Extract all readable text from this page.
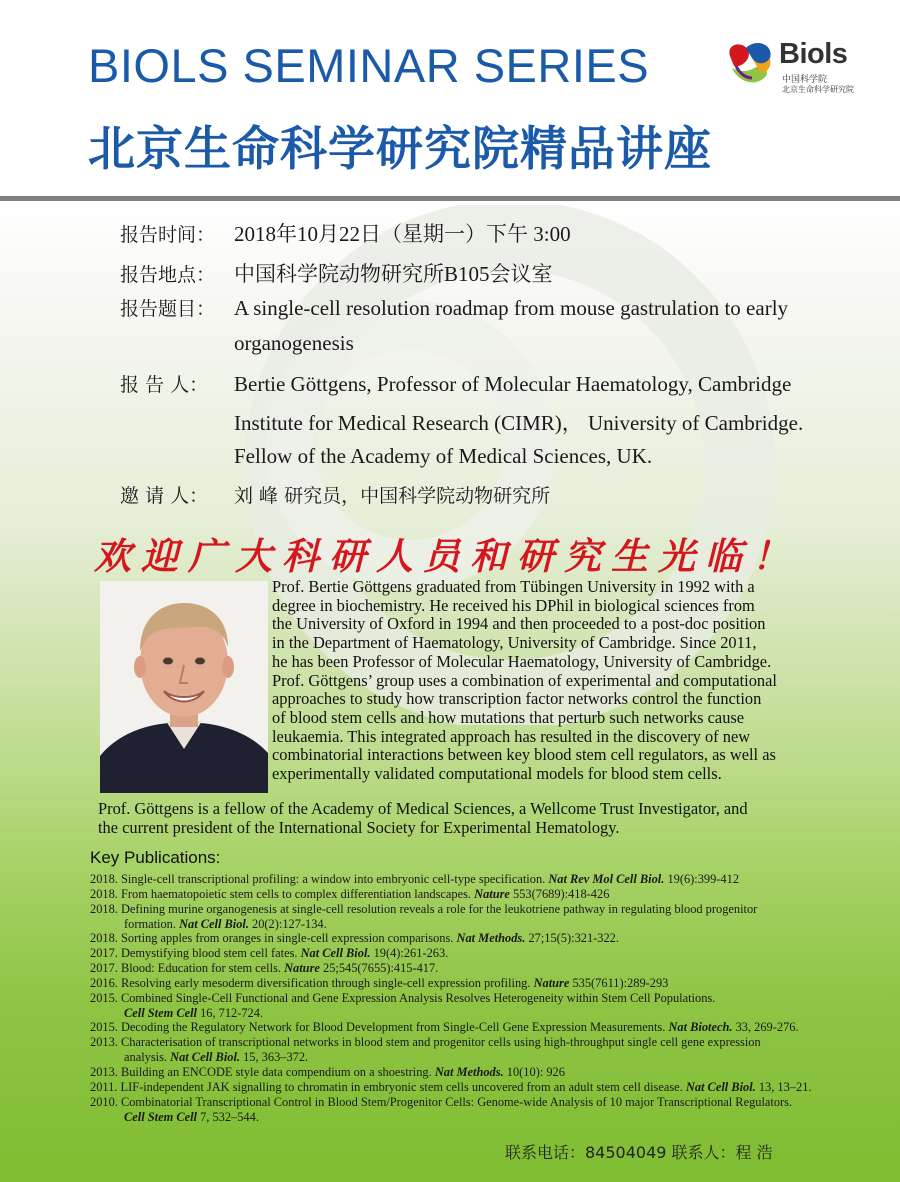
BIOLS SEMINAR SERIES
北京生命科学研究院精品讲座
Biols
中国科学院
北京生命科学研究院
报告时间： 2018年10月22日（星期一）下午 3:00
报告地点： 中国科学院动物研究所B105会议室
报告题目： A single-cell resolution roadmap from mouse gastrulation to early
organogenesis
报 告 人： Bertie Göttgens, Professor of Molecular Haematology, Cambridge
Institute for Medical Research (CIMR)， University of Cambridge.
Fellow of the Academy of Medical Sciences, UK.
邀 请 人： 刘 峰 研究员，中国科学院动物研究所
欢迎广大科研人员和研究生光临！
Prof. Bertie Göttgens graduated from Tübingen University in 1992 with a
degree in biochemistry. He received his DPhil in biological sciences from
the University of Oxford in 1994 and then proceeded to a post-doc position
in the Department of Haematology, University of Cambridge. Since 2011,
he has been Professor of Molecular Haematology, University of Cambridge.
Prof. Göttgens’ group uses a combination of experimental and computational
approaches to study how transcription factor networks control the function
of blood stem cells and how mutations that perturb such networks cause
leukaemia. This integrated approach has resulted in the discovery of new
combinatorial interactions between key blood stem cell regulators, as well as
experimentally validated computational models for blood stem cells.
Prof. Göttgens is a fellow of the Academy of Medical Sciences, a Wellcome Trust Investigator, and
the current president of the International Society for Experimental Hematology.
Key Publications:
2018. Single-cell transcriptional profiling: a window into embryonic cell-type specification. Nat Rev Mol Cell Biol. 19(6):399-412
2018. From haematopoietic stem cells to complex differentiation landscapes. Nature 553(7689):418-426
2018. Defining murine organogenesis at single-cell resolution reveals a role for the leukotriene pathway in regulating blood progenitor
formation. Nat Cell Biol. 20(2):127-134.
2018. Sorting apples from oranges in single-cell expression comparisons. Nat Methods. 27;15(5):321-322.
2017. Demystifying blood stem cell fates. Nat Cell Biol. 19(4):261-263.
2017. Blood: Education for stem cells. Nature 25;545(7655):415-417.
2016. Resolving early mesoderm diversification through single-cell expression profiling. Nature 535(7611):289-293
2015. Combined Single-Cell Functional and Gene Expression Analysis Resolves Heterogeneity within Stem Cell Populations.
Cell Stem Cell 16, 712-724.
2015. Decoding the Regulatory Network for Blood Development from Single-Cell Gene Expression Measurements. Nat Biotech. 33, 269-276.
2013. Characterisation of transcriptional networks in blood stem and progenitor cells using high-throughput single cell gene expression
analysis. Nat Cell Biol. 15, 363–372.
2013. Building an ENCODE style data compendium on a shoestring. Nat Methods. 10(10): 926
2011. LIF-independent JAK signalling to chromatin in embryonic stem cells uncovered from an adult stem cell disease. Nat Cell Biol. 13, 13–21.
2010. Combinatorial Transcriptional Control in Blood Stem/Progenitor Cells: Genome-wide Analysis of 10 major Transcriptional Regulators.
Cell Stem Cell 7, 532–544.
联系电话：84504049 联系人：程 浩
